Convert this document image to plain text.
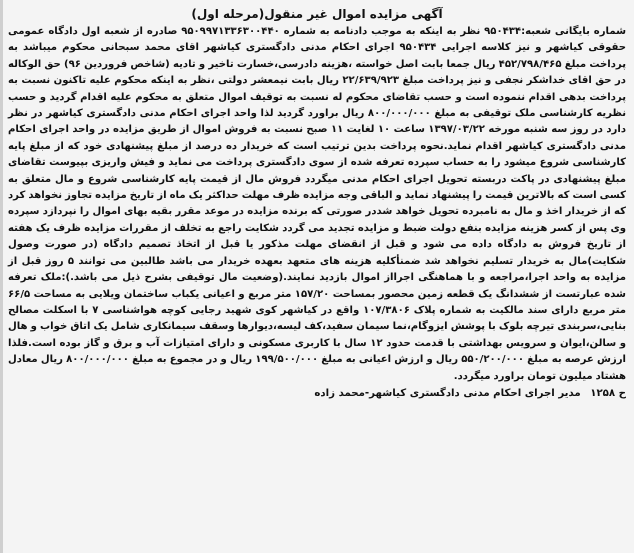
آگهی مزایده اموال غیر منقول(مرحله اول)
شماره بایگانی شعبه:۹۵۰۴۳۴ نظر به اینکه به موجب دادنامه به شماره ۹۵۰۹۹۷۱۳۳۶۳۰۰۴۴۰ صادره از شعبه اول دادگاه عمومی حقوقی کیاشهر و نیز کلاسه اجرایی ۹۵۰۴۳۴ اجرای احکام مدنی دادگستری کیاشهر اقای محمد سبحانی محکوم میباشد به پرداخت مبلغ ۴۵۲/۷۹۸/۴۶۵ ریال جمعا بابت اصل خواسته ،هزینه دادرسی،خسارت تاخیر و تادیه (شاخص فروردین ۹۶) حق الوکاله در حق اقای خداشکر نجفی و نیز پرداخت مبلغ ۲۲/۶۳۹/۹۲۳ ریال بابت نیمعشر دولتی ،نظر به اینکه محکوم علیه تاکنون نسبت به پرداخت بدهی اقدام ننموده است و حسب تقاضای محکوم له نسبت به توقیف اموال متعلق به محکوم علیه اقدام گردید و حسب نظریه کارشناسی ملک توقیفی به مبلغ ۸۰۰/۰۰۰/۰۰۰ ریال براورد گردید لذا واحد اجرای احکام مدنی دادگستری کیاشهر در نظر دارد در روز سه شنبه مورخه ۱۳۹۷/۰۳/۲۲ ساعت ۱۰ لغایت ۱۱ صبح نسبت به فروش اموال از طریق مزایده در واحد اجرای احکام مدنی دادگستری کیاشهر اقدام نماید.نحوه پرداخت بدین ترتیب است که خریدار ده درصد از مبلغ پیشنهادی خود که از مبلغ پایه کارشناسی شروع میشود را به حساب سپرده تعرفه شده از سوی دادگستری پرداخت می نماید و فیش واریزی بپیوست تقاضای مبلغ پیشنهادی در پاکت دربسته تحویل اجرای احکام مدنی میگردد فروش مال از قیمت پایه کارشناسی شروع و مال متعلق به کسی است که بالاترین قیمت را پیشنهاد نماید و الباقی وجه مزایده ظرف مهلت حداکثر یک ماه از تاریخ مزایده تجاوز نخواهد کرد که از خریدار اخذ و مال به نامبرده تحویل خواهد شددر صورتی که برنده مزایده در موعد مقرر بقیه بهای اموال را نپردازد سپرده وی پس از کسر هزینه مزایده بنفع دولت ضبط و مزایده تجدید می گردد شکایت راجع به تخلف از مقررات مزایده ظرف یک هفته از تاریخ فروش به دادگاه داده می شود و قبل از انقضای مهلت مذکور یا قبل از اتخاذ تصمیم دادگاه (در صورت وصول شکایت)مال به خریدار تسلیم نخواهد شد ضمنأکلیه هزینه های متعهد بعهده خریدار می باشد طالبین می توانند ۵ روز قبل از مزایده به واحد اجرا،مراجعه و با هماهنگی اجرااز اموال بازدید نمایند.(وضعیت مال توقیفی بشرح ذیل می باشد.):ملک تعرفه شده عبارتست از ششدانگ یک قطعه زمین محصور بمساحت ۱۵۷/۲۰ متر مربع و اعیانی یکباب ساختمان ویلایی به مساحت ۶۶/۵ متر مربع دارای سند مالکیت به شماره پلاک ۱۰۷/۳۸۰۶ واقع در کیاشهر کوی شهید رجایی کوچه هواشناسی ۷ با اسکلت مصالح بنایی،سربندی تیرچه بلوک با پوشش ایزوگام،نما سیمان سفید،کف لیسه،دیوارها وسقف سیمانکاری شامل یک اتاق خواب و هال و سالن،ایوان و سرویس بهداشتی با قدمت حدود ۱۲ سال با کاربری مسکونی و دارای امتیازات آب و برق و گاز بوده است.فلذا ارزش عرصه به مبلغ ۵۵۰/۲۰۰/۰۰۰ ریال و ارزش اعیانی به مبلغ ۱۹۹/۵۰۰/۰۰۰ ریال و در مجموع به مبلغ ۸۰۰/۰۰۰/۰۰۰ ریال معادل هشتاد میلیون تومان براورد میگردد.
ح ۱۲۵۸ مدیر اجرای احکام مدنی دادگستری کیاشهر-محمد زاده
